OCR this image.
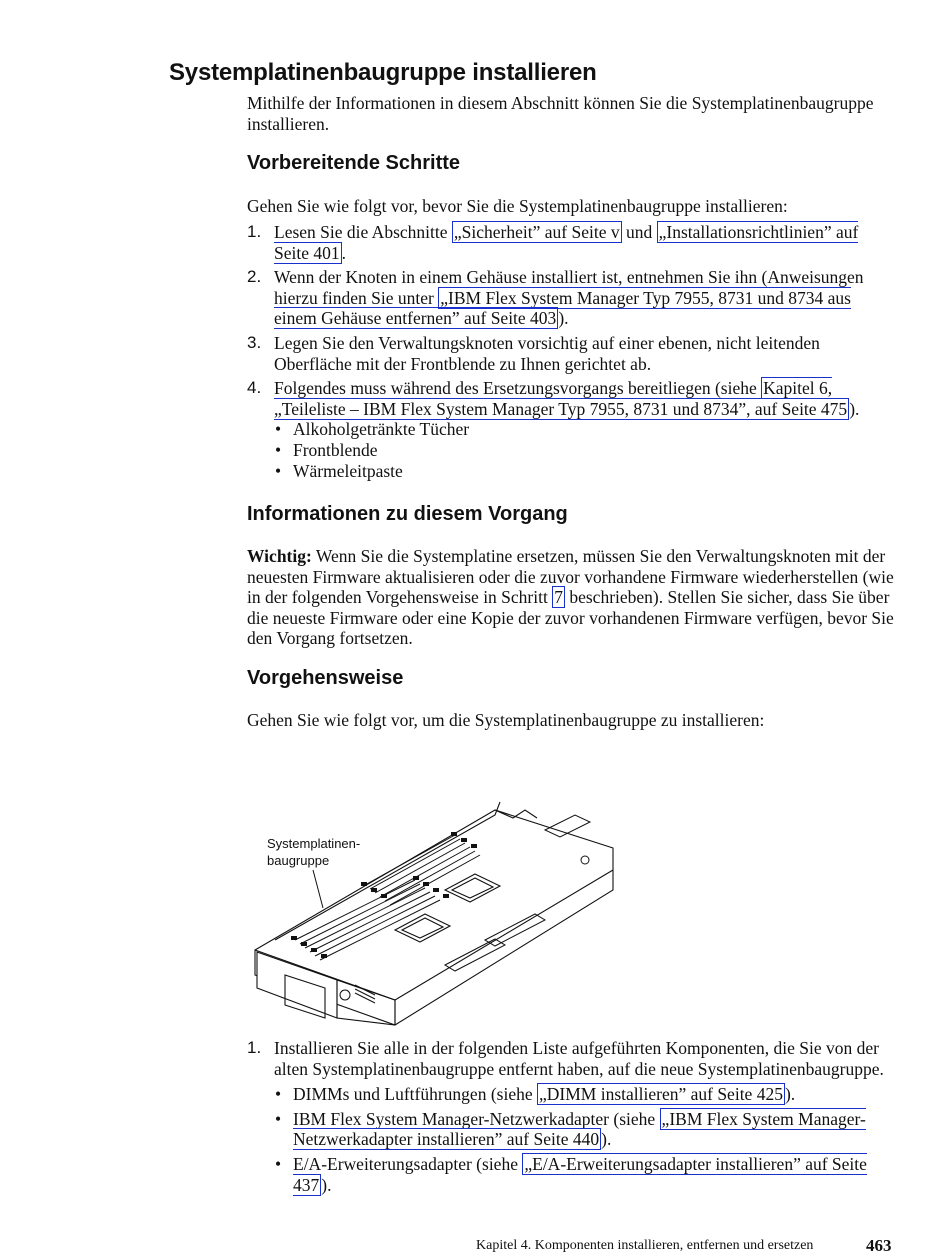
Systemplatinenbaugruppe installieren

Mithilfe der Informationen in diesem Abschnitt können Sie die Systemplatinenbaugruppe installieren.

Vorbereitende Schritte

Gehen Sie wie folgt vor, bevor Sie die Systemplatinenbaugruppe installieren:

1. Lesen Sie die Abschnitte „Sicherheit” auf Seite v und „Installationsrichtlinien” auf Seite 401 .
2. Wenn der Knoten in einem Gehäuse installiert ist, entnehmen Sie ihn (Anweisungen hierzu finden Sie unter „IBM Flex System Manager Typ 7955, 8731 und 8734 aus einem Gehäuse entfernen” auf Seite 403 ).
3. Legen Sie den Verwaltungsknoten vorsichtig auf einer ebenen, nicht leitenden Oberfläche mit der Frontblende zu Ihnen gerichtet ab.
4. Folgendes muss während des Ersetzungsvorgangs bereitliegen (siehe Kapitel 6, „Teileliste – IBM Flex System Manager Typ 7955, 8731 und 8734”, auf Seite 475 ).
• Alkoholgetränkte Tücher
• Frontblende
• Wärmeleitpaste
Informationen zu diesem Vorgang

Wichtig: Wenn Sie die Systemplatine ersetzen, müssen Sie den Verwaltungsknoten mit der neuesten Firmware aktualisieren oder die zuvor vorhandene Firmware wiederherstellen (wie in der folgenden Vorgehensweise in Schritt 7 beschrieben). Stellen Sie sicher, dass Sie über die neueste Firmware oder eine Kopie der zuvor vorhandenen Firmware verfügen, bevor Sie den Vorgang fortsetzen.

Vorgehensweise

Gehen Sie wie folgt vor, um die Systemplatinenbaugruppe zu installieren:

Systemplatinen-
baugruppe
1. Installieren Sie alle in der folgenden Liste aufgeführten Komponenten, die Sie von der alten Systemplatinenbaugruppe entfernt haben, auf die neue Systemplatinenbaugruppe.
• DIMMs und Luftführungen (siehe „DIMM installieren” auf Seite 425 ).
• IBM Flex System Manager-Netzwerkadapter (siehe „IBM Flex System Manager-Netzwerkadapter installieren” auf Seite 440 ).
• E/A-Erweiterungsadapter (siehe „E/A-Erweiterungsadapter installieren” auf Seite 437 ).
Kapitel 4. Komponenten installieren, entfernen und ersetzen	463
